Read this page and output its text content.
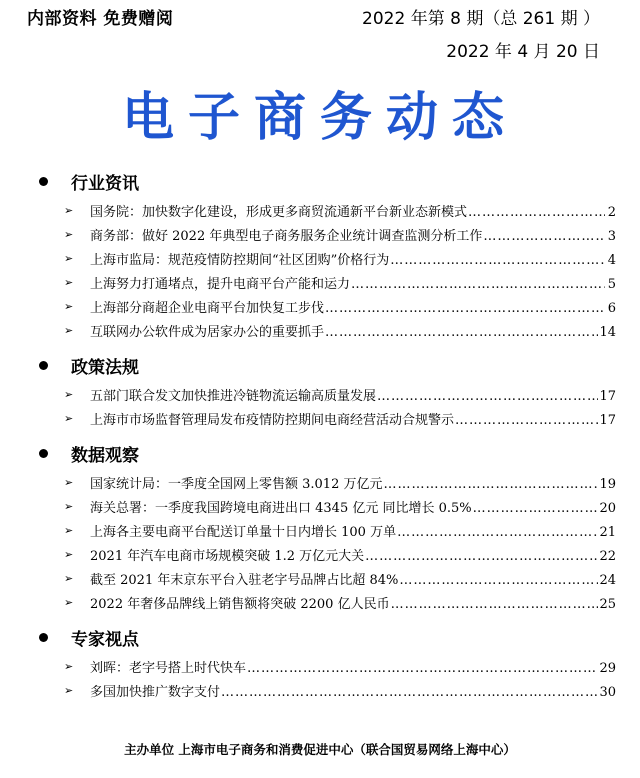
内部资料 免费赠阅	2022 年第 8 期（总 261 期 ）
2022 年 4 月 20 日
电子商务动态
行业资讯
➢	国务院：加快数字化建设，形成更多商贸流通新平台新业态新模式 ……………………………………………………………………………………………………………………………………………………………………………	2
➢	商务部：做好 2022 年典型电子商务服务企业统计调查监测分析工作 ……………………………………………………………………………………………………………………………………………………………………………	3
➢	上海市监局：规范疫情防控期间“社区团购”价格行为 ……………………………………………………………………………………………………………………………………………………………………………	4
➢	上海努力打通堵点，提升电商平台产能和运力 ……………………………………………………………………………………………………………………………………………………………………………	5
➢	上海部分商超企业电商平台加快复工步伐 ……………………………………………………………………………………………………………………………………………………………………………	6
➢	互联网办公软件成为居家办公的重要抓手 ……………………………………………………………………………………………………………………………………………………………………………	14
政策法规
➢	五部门联合发文加快推进冷链物流运输高质量发展 ……………………………………………………………………………………………………………………………………………………………………………	17
➢	上海市市场监督管理局发布疫情防控期间电商经营活动合规警示 ……………………………………………………………………………………………………………………………………………………………………………	17
数据观察
➢	国家统计局：一季度全国网上零售额 3.012 万亿元 ……………………………………………………………………………………………………………………………………………………………………………	19
➢	海关总署：一季度我国跨境电商进出口 4345 亿元 同比增长 0.5% ……………………………………………………………………………………………………………………………………………………………………………	20
➢	上海各主要电商平台配送订单量十日内增长 100 万单 ……………………………………………………………………………………………………………………………………………………………………………	21
➢	2021 年汽车电商市场规模突破 1.2 万亿元大关 ……………………………………………………………………………………………………………………………………………………………………………	22
➢	截至 2021 年末京东平台入驻老字号品牌占比超 84% ……………………………………………………………………………………………………………………………………………………………………………	24
➢	2022 年奢侈品牌线上销售额将突破 2200 亿人民币 ……………………………………………………………………………………………………………………………………………………………………………	25
专家视点
➢	刘晖：老字号搭上时代快车 ……………………………………………………………………………………………………………………………………………………………………………	29
➢	多国加快推广数字支付 ……………………………………………………………………………………………………………………………………………………………………………	30
主办单位 上海市电子商务和消费促进中心（联合国贸易网络上海中心）
